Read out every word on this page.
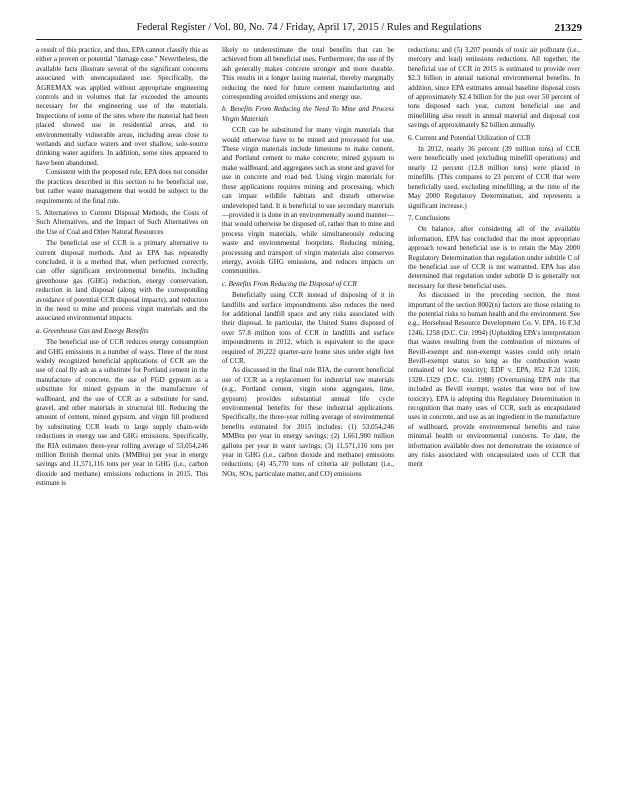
Federal Register / Vol. 80, No. 74 / Friday, April 17, 2015 / Rules and Regulations	21329

a result of this practice, and thus, EPA cannot classify this as either a proven or potential "damage case." Nevertheless, the available facts illustrate several of the significant concerns associated with unencapsulated use. Specifically, the AGREMAX was applied without appropriate engineering controls and in volumes that far exceeded the amounts necessary for the engineering use of the materials. Inspections of some of the sites where the material had been placed showed use in residential areas, and to environmentally vulnerable areas, including areas close to wetlands and surface waters and over shallow, sole-source drinking water aquifers. In addition, some sites appeared to have been abandoned.

Consistent with the proposed rule, EPA does not consider the practices described in this section to be beneficial use, but rather waste management that would be subject to the requirements of the final rule.

5. Alternatives to Current Disposal Methods, the Costs of Such Alternatives, and the Impact of Such Alternatives on the Use of Coal and Other Natural Resources

The beneficial use of CCR is a primary alternative to current disposal methods. And as EPA has repeatedly concluded, it is a method that, when performed correctly, can offer significant environmental benefits, including greenhouse gas (GHG) reduction, energy conservation, reduction in land disposal (along with the corresponding avoidance of potential CCR disposal impacts), and reduction in the need to mine and process virgin materials and the associated environmental impacts.

a. Greenhouse Gas and Energy Benefits

The beneficial use of CCR reduces energy consumption and GHG emissions in a number of ways. Three of the most widely recognized beneficial applications of CCR are the use of coal fly ash as a substitute for Portland cement in the manufacture of concrete, the use of FGD gypsum as a substitute for mined gypsum in the manufacture of wallboard, and the use of CCR as a substitute for sand, gravel, and other materials in structural fill. Reducing the amount of cement, mined gypsum, and virgin fill produced by substituting CCR leads to large supply chain-wide reductions in energy use and GHG emissions. Specifically, the RIA estimates three-year rolling average of 53,054,246 million British thermal units (MMBtu) per year in energy savings and 11,571,116 tons per year in GHG (i.e., carbon dioxide and methane) emissions reductions in 2015. This estimate is

likely to underestimate the total benefits that can be achieved from all beneficial uses. Furthermore, the use of fly ash generally makes concrete stronger and more durable. This results in a longer lasting material, thereby marginally reducing the need for future cement manufacturing and corresponding avoided emissions and energy use.

b. Benefits From Reducing the Need To Mine and Process Virgin Materials

CCR can be substituted for many virgin materials that would otherwise have to be mined and processed for use. These virgin materials include limestone to make cement, and Portland cement to make concrete; mined gypsum to make wallboard, and aggregates such as stone and gravel for use in concrete and road bed. Using virgin materials for these applications requires mining and processing, which can impair wildlife habitats and disturb otherwise undeveloped land. It is beneficial to use secondary materials—provided it is done in an environmentally sound manner—that would otherwise be disposed of, rather than to mine and process virgin materials, while simultaneously reducing waste and environmental footprints. Reducing mining, processing and transport of virgin materials also conserves energy, avoids GHG emissions, and reduces impacts on communities.

c. Benefits From Reducing the Disposal of CCR

Beneficially using CCR instead of disposing of it in landfills and surface impoundments also reduces the need for additional landfill space and any risks associated with their disposal. In particular, the United States disposed of over 57.8 million tons of CCR in landfills and surface impoundments in 2012, which is equivalent to the space required of 20,222 quarter-acre home sites under eight feet of CCR.

As discussed in the final rule RIA, the current beneficial use of CCR as a replacement for industrial raw materials (e.g., Portland cement, virgin stone aggregates, lime, gypsum) provides substantial annual life cycle environmental benefits for these industrial applications. Specifically, the three-year rolling average of environmental benefits estimated for 2015 includes: (1) 53,054,246 MMBtu per year in energy savings; (2) 1,661,900 million gallons per year in water savings; (3) 11,571,116 tons per year in GHG (i.e., carbon dioxide and methane) emissions reductions; (4) 45,770 tons of criteria air pollutant (i.e., NOx, SOx, particulate matter, and CO) emissions

reductions; and (5) 3,207 pounds of toxic air pollutant (i.e., mercury and lead) emissions reductions. All together, the beneficial use of CCR in 2015 is estimated to provide over $2.3 billion in annual national environmental benefits. In addition, since EPA estimates annual baseline disposal costs of approximately $2.4 billion for the just over 50 percent of tons disposed each year, current beneficial use and minefilling also result in annual material and disposal cost savings of approximately $2 billion annually.

6. Current and Potential Utilization of CCR

In 2012, nearly 36 percent (39 million tons) of CCR were beneficially used (excluding minefill operations) and nearly 12 percent (12.8 million tons) were placed in minefills. (This compares to 23 percent of CCR that were beneficially used, excluding minefilling, at the time of the May 2000 Regulatory Determination, and represents a significant increase.)

7. Conclusions

On balance, after considering all of the available information, EPA has concluded that the most appropriate approach toward beneficial use is to retain the May 2000 Regulatory Determination that regulation under subtitle C of the beneficial use of CCR is not warranted. EPA has also determined that regulation under subtitle D is generally not necessary for these beneficial uses.

As discussed in the preceding section, the most important of the section 8002(n) factors are those relating to the potential risks to human health and the environment. See e.g., Horsehead Resource Development Co. V. EPA, 16 F.3d 1246, 1258 (D.C. Cir. 1994) (Upholding EPA's interpretation that wastes resulting from the combustion of mixtures of Bevill-exempt and non-exempt wastes could only retain Bevill-exempt status so long as the combustion waste remained of low toxicity); EDF v. EPA, 852 F.2d 1316, 1328–1329 (D.C. Cir. 1988) (Overturning EPA rule that included as Bevill exempt, wastes that were not of low toxicity). EPA is adopting this Regulatory Determination in recognition that many uses of CCR, such as encapsulated uses in concrete, and use as an ingredient in the manufacture of wallboard, provide environmental benefits and raise minimal health or environmental concerns. To date, the information available does not demonstrate the existence of any risks associated with encapsulated uses of CCR that merit
